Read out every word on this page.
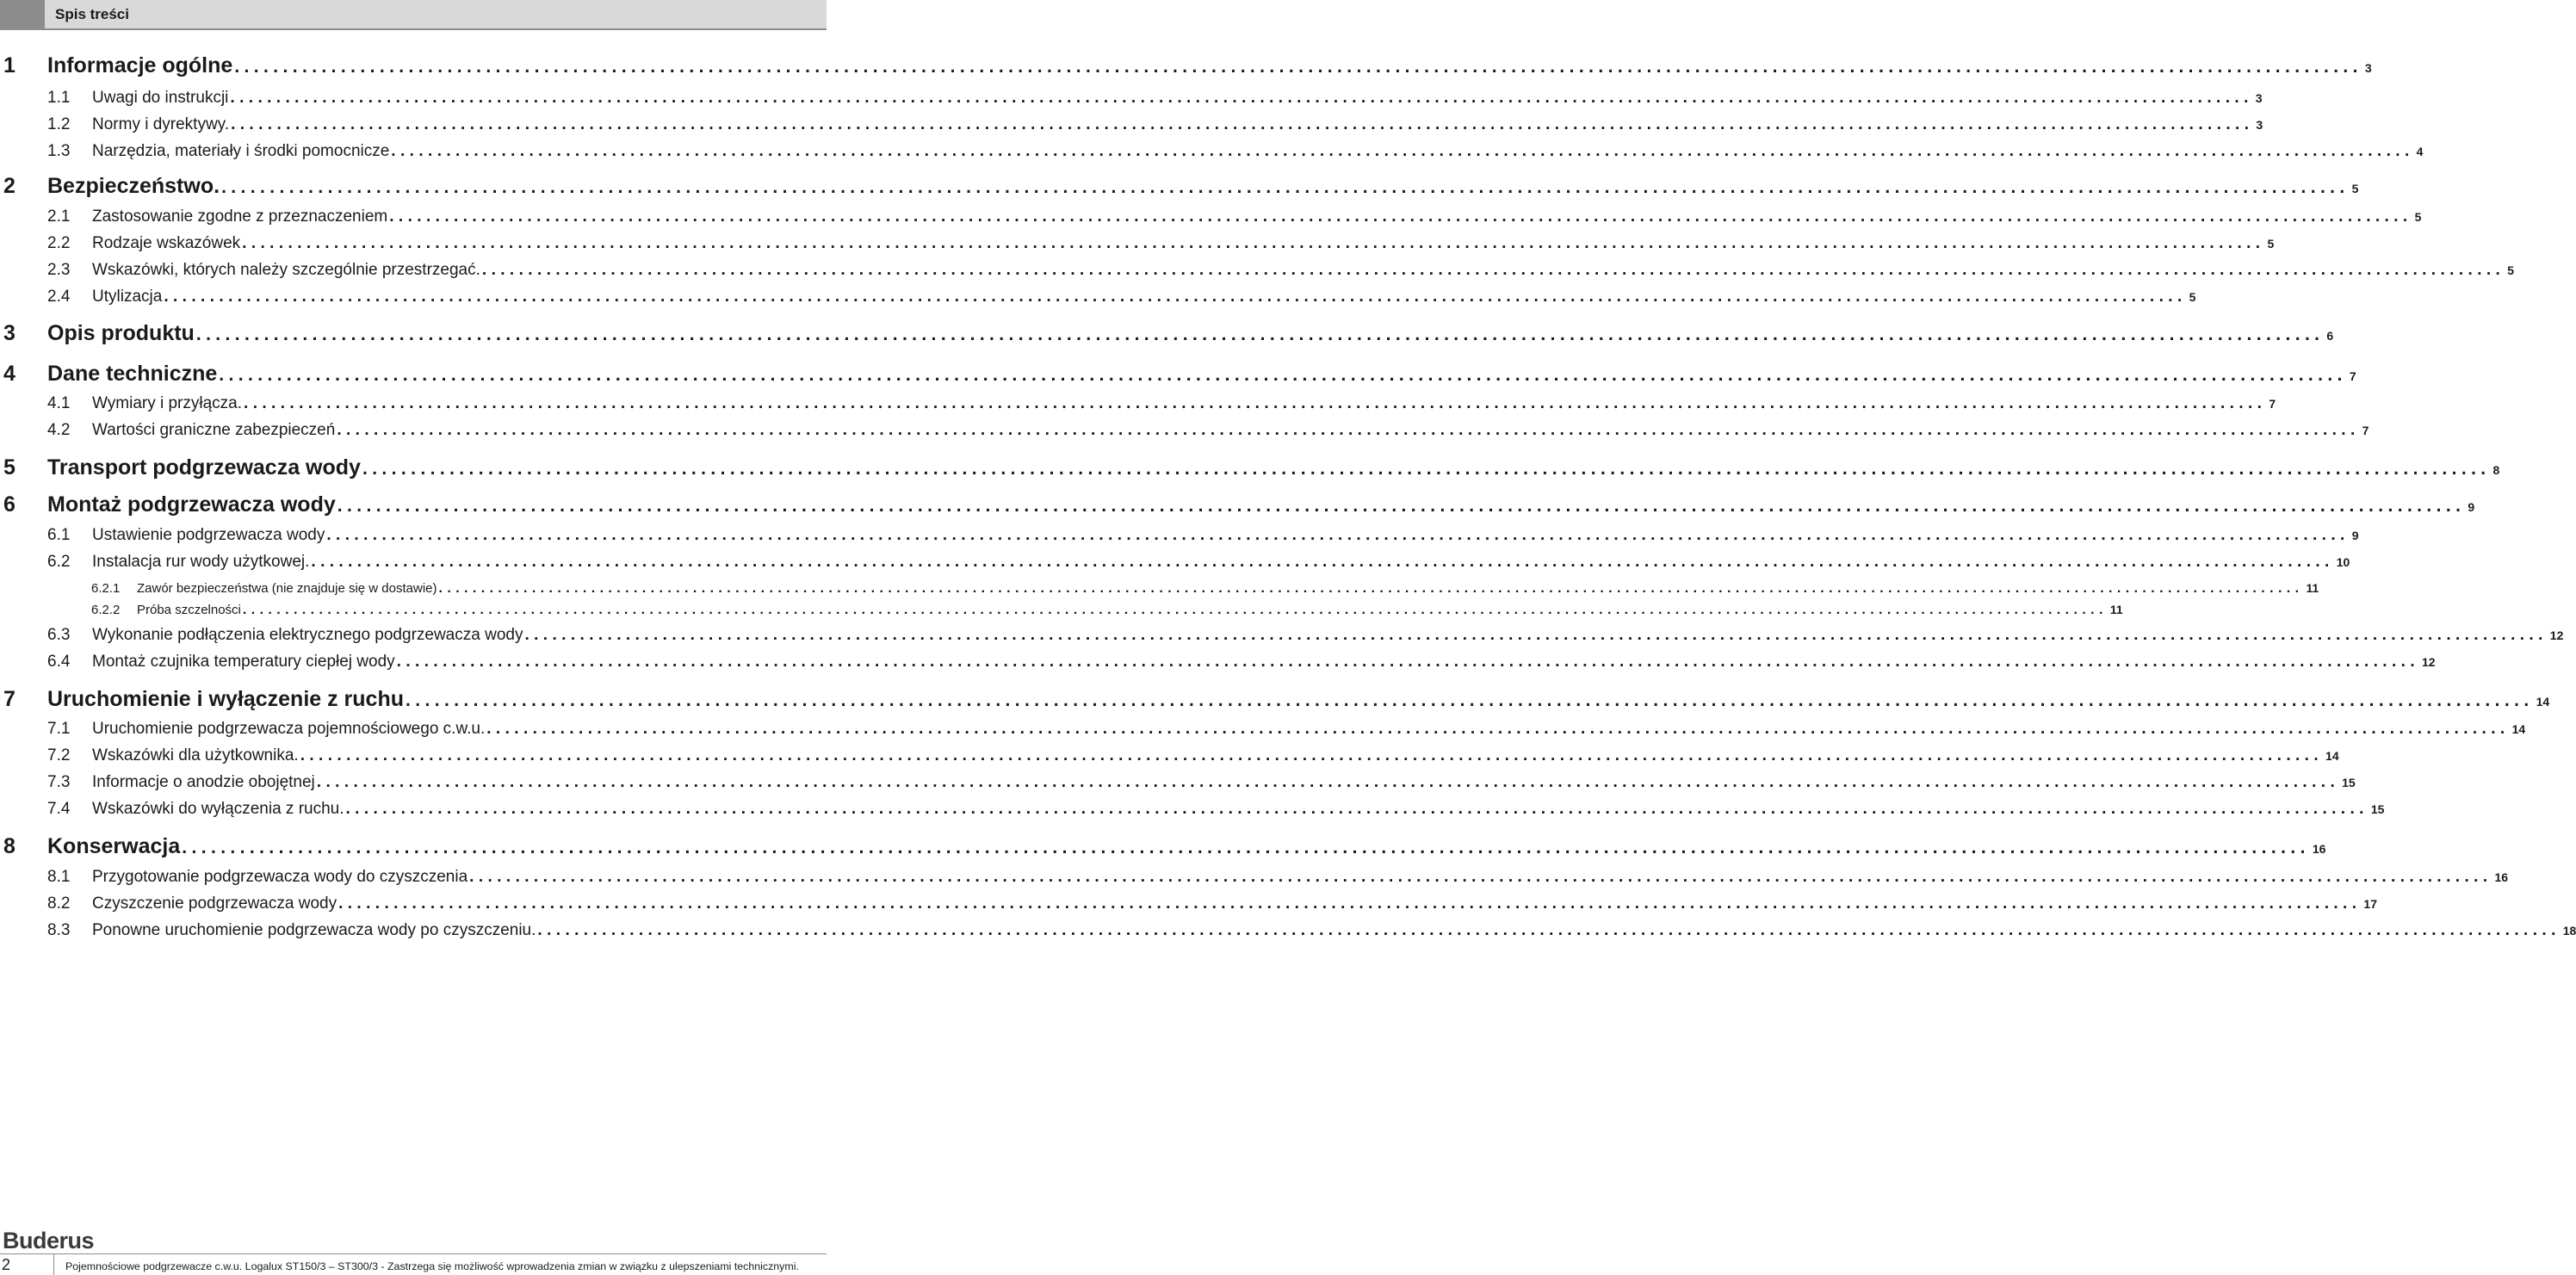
Spis treści
1 Informacje ogólne ............................................................................................................................................................................................................................ 3
1.1 Uwagi do instrukcji ............................................................................................................................................................................................................................ 3
1.2 Normy i dyrektywy. ............................................................................................................................................................................................................................ 3
1.3 Narzędzia, materiały i środki pomocnicze ............................................................................................................................................................................................................................ 4
2 Bezpieczeństwo. ............................................................................................................................................................................................................................ 5
2.1 Zastosowanie zgodne z przeznaczeniem ............................................................................................................................................................................................................................ 5
2.2 Rodzaje wskazówek ............................................................................................................................................................................................................................ 5
2.3 Wskazówki, których należy szczególnie przestrzegać. ............................................................................................................................................................................................................................ 5
2.4 Utylizacja ............................................................................................................................................................................................................................ 5
3 Opis produktu ............................................................................................................................................................................................................................ 6
4 Dane techniczne ............................................................................................................................................................................................................................ 7
4.1 Wymiary i przyłącza. ............................................................................................................................................................................................................................ 7
4.2 Wartości graniczne zabezpieczeń ............................................................................................................................................................................................................................ 7
5 Transport podgrzewacza wody ............................................................................................................................................................................................................................ 8
6 Montaż podgrzewacza wody ............................................................................................................................................................................................................................ 9
6.1 Ustawienie podgrzewacza wody ............................................................................................................................................................................................................................ 9
6.2 Instalacja rur wody użytkowej. ............................................................................................................................................................................................................................ 10
6.2.1 Zawór bezpieczeństwa (nie znajduje się w dostawie) ............................................................................................................................................................................................................................ 11
6.2.2 Próba szczelności ............................................................................................................................................................................................................................ 11
6.3 Wykonanie podłączenia elektrycznego podgrzewacza wody ............................................................................................................................................................................................................................ 12
6.4 Montaż czujnika temperatury ciepłej wody ............................................................................................................................................................................................................................ 12
7 Uruchomienie i wyłączenie z ruchu ............................................................................................................................................................................................................................ 14
7.1 Uruchomienie podgrzewacza pojemnościowego c.w.u. ............................................................................................................................................................................................................................ 14
7.2 Wskazówki dla użytkownika. ............................................................................................................................................................................................................................ 14
7.3 Informacje o anodzie obojętnej ............................................................................................................................................................................................................................ 15
7.4 Wskazówki do wyłączenia z ruchu. ............................................................................................................................................................................................................................ 15
8 Konserwacja ............................................................................................................................................................................................................................ 16
8.1 Przygotowanie podgrzewacza wody do czyszczenia ............................................................................................................................................................................................................................ 16
8.2 Czyszczenie podgrzewacza wody ............................................................................................................................................................................................................................ 17
8.3 Ponowne uruchomienie podgrzewacza wody po czyszczeniu. ............................................................................................................................................................................................................................ 18
Buderus
2	Pojemnościowe podgrzewacze c.w.u. Logalux ST150/3 – ST300/3 - Zastrzega się możliwość wprowadzenia zmian w związku z ulepszeniami technicznymi.
